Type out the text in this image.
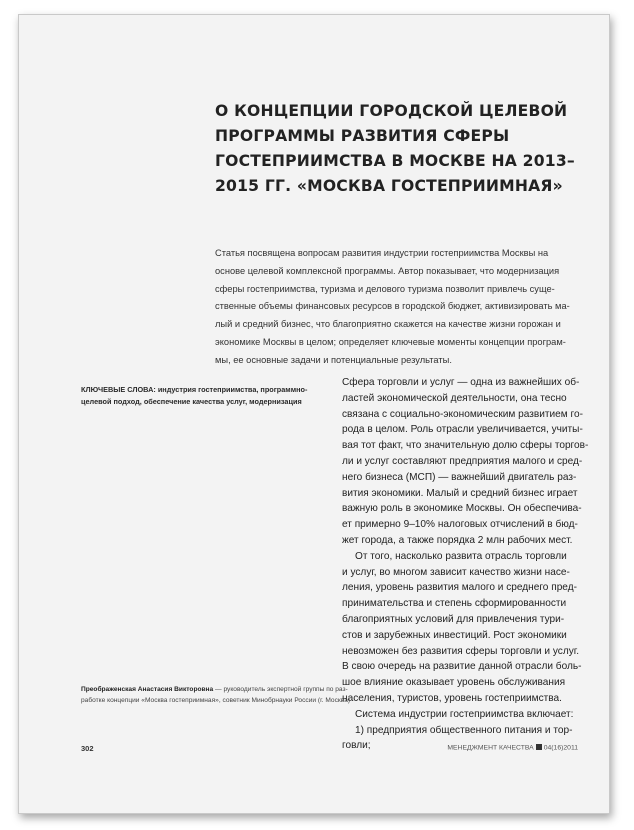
О КОНЦЕПЦИИ ГОРОДСКОЙ ЦЕЛЕВОЙ
ПРОГРАММЫ РАЗВИТИЯ СФЕРЫ
ГОСТЕПРИИМСТВА В МОСКВЕ НА 2013–
2015 ГГ. «МОСКВА ГОСТЕПРИИМНАЯ»
Статья посвящена вопросам развития индустрии гостеприимства Москвы на
основе целевой комплексной программы. Автор показывает, что модернизация
сферы гостеприимства, туризма и делового туризма позволит привлечь суще-
ственные объемы финансовых ресурсов в городской бюджет, активизировать ма-
лый и средний бизнес, что благоприятно скажется на качестве жизни горожан и
экономике Москвы в целом; определяет ключевые моменты концепции програм-
мы, ее основные задачи и потенциальные результаты.
КЛЮЧЕВЫЕ СЛОВА: индустрия гостеприимства, программно-
целевой подход, обеспечение качества услуг, модернизация
Сфера торговли и услуг — одна из важнейших об-
ластей экономической деятельности, она тесно
связана с социально-экономическим развитием го-
рода в целом. Роль отрасли увеличивается, учиты-
вая тот факт, что значительную долю сферы торгов-
ли и услуг составляют предприятия малого и сред-
него бизнеса (МСП) — важнейший двигатель раз-
вития экономики. Малый и средний бизнес играет
важную роль в экономике Москвы. Он обеспечива-
ет примерно 9–10% налоговых отчислений в бюд-
жет города, а также порядка 2 млн рабочих мест.
От того, насколько развита отрасль торговли
и услуг, во многом зависит качество жизни насе-
ления, уровень развития малого и среднего пред-
принимательства и степень сформированности
благоприятных условий для привлечения тури-
стов и зарубежных инвестиций. Рост экономики
невозможен без развития сферы торговли и услуг.
В свою очередь на развитие данной отрасли боль-
шое влияние оказывает уровень обслуживания
населения, туристов, уровень гостеприимства.
Система индустрии гостеприимства включает:
1) предприятия общественного питания и тор-
говли;
Преображенская Анастасия Викторовна — руководитель экспертной группы по раз-
работке концепции «Москва гостеприимная», советник Минобрнауки России (г. Москва)
302	МЕНЕДЖМЕНТ КАЧЕСТВА 04(16)2011
